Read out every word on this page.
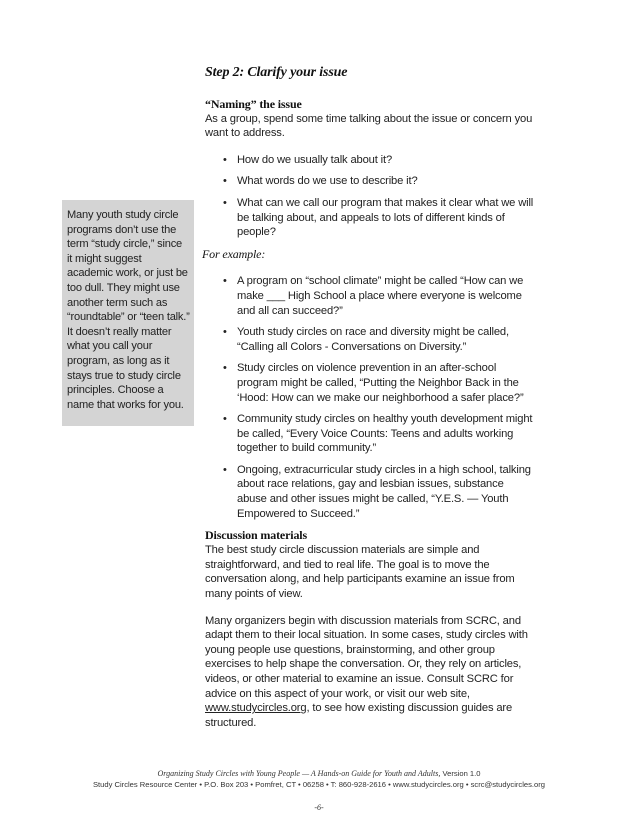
Many youth study circle programs don’t use the term “study circle,” since it might suggest academic work, or just be too dull. They might use another term such as “roundtable” or “teen talk.” It doesn’t really matter what you call your program, as long as it stays true to study circle principles. Choose a name that works for you.

Step 2: Clarify your issue
“Naming” the issue

As a group, spend some time talking about the issue or concern you want to address.

• How do we usually talk about it?
• What words do we use to describe it?
• What can we call our program that makes it clear what we will be talking about, and appeals to lots of different kinds of people?

For example:

• A program on “school climate” might be called “How can we make ___ High School a place where everyone is welcome and all can succeed?”
• Youth study circles on race and diversity might be called, “Calling all Colors - Conversations on Diversity.”
• Study circles on violence prevention in an after-school program might be called, “Putting the Neighbor Back in the ‘Hood: How can we make our neighborhood a safer place?”
• Community study circles on healthy youth development might be called, “Every Voice Counts: Teens and adults working together to build community.”
• Ongoing, extracurricular study circles in a high school, talking about race relations, gay and lesbian issues, substance abuse and other issues might be called, “Y.E.S. — Youth Empowered to Succeed.”
Discussion materials

The best study circle discussion materials are simple and straightforward, and tied to real life. The goal is to move the conversation along, and help participants examine an issue from many points of view.

Many organizers begin with discussion materials from SCRC, and adapt them to their local situation. In some cases, study circles with young people use questions, brainstorming, and other group exercises to help shape the conversation. Or, they rely on articles, videos, or other material to examine an issue. Consult SCRC for advice on this aspect of your work, or visit our web site, www.studycircles.org, to see how existing discussion guides are structured.

Organizing Study Circles with Young People — A Hands-on Guide for Youth and Adults, Version 1.0
Study Circles Resource Center • P.O. Box 203 • Pomfret, CT • 06258 • T: 860-928-2616 • www.studycircles.org • scrc@studycircles.org
-6-
